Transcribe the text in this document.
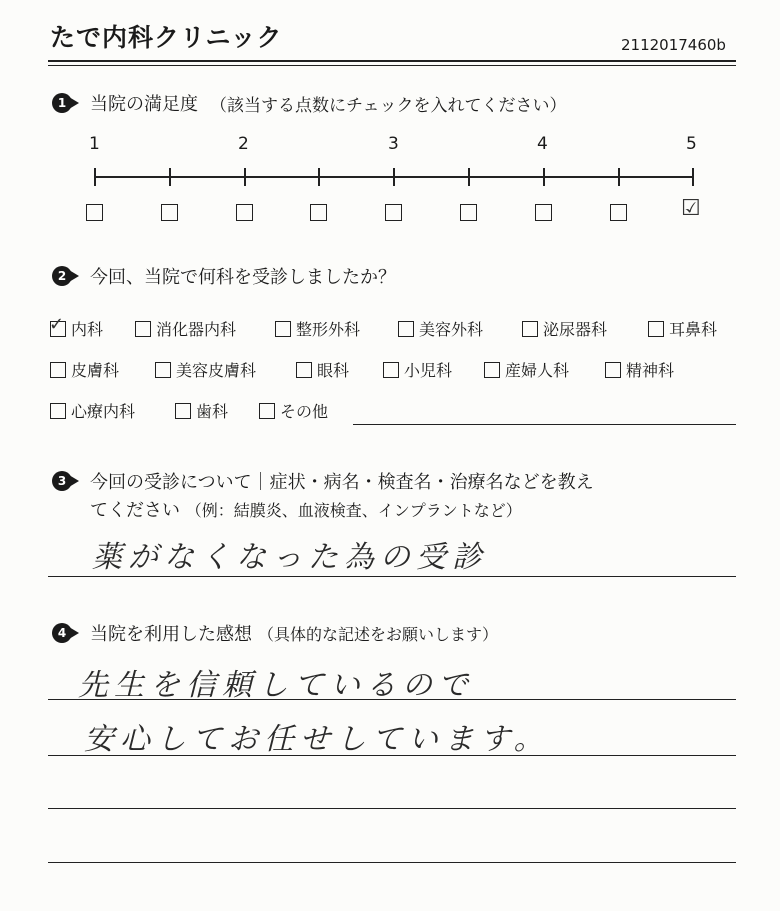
たで内科クリニック	2112017460b
1	当院の満足度 （該当する点数にチェックを入れてください）
1	2	3	4	5
☑
2	今回、当院で何科を受診しましたか？
✓ 内科	消化器内科	整形外科	美容外科	泌尿器科	耳鼻科
皮膚科	美容皮膚科	眼科	小児科	産婦人科	精神科
心療内科	歯科	その他
3	今回の受診について｜症状・病名・検査名・治療名などを教え
てください （例：結膜炎、血液検査、インプラントなど）
薬がなくなった為の受診
4	当院を利用した感想 （具体的な記述をお願いします）
先生を信頼しているので
安心してお任せしています。
